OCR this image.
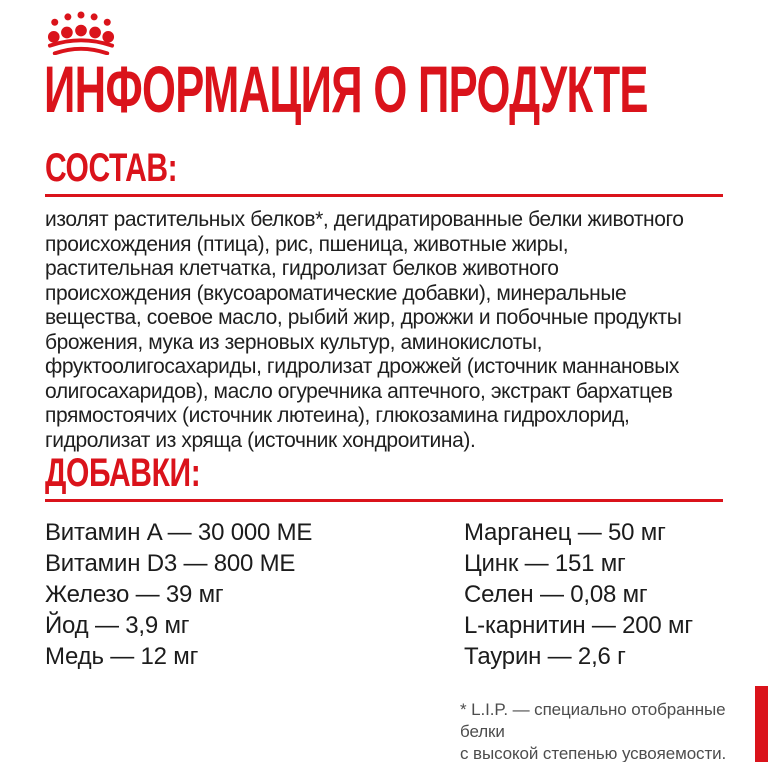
ИНФОРМАЦИЯ О ПРОДУКТЕ
СОСТАВ:
изолят растительных белков*, дегидратированные белки животного
происхождения (птица), рис, пшеница, животные жиры,
растительная клетчатка, гидролизат белков животного
происхождения (вкусоароматические добавки), минеральные
вещества, соевое масло, рыбий жир, дрожжи и побочные продукты
брожения, мука из зерновых культур, аминокислоты,
фруктоолигосахариды, гидролизат дрожжей (источник маннановых
олигосахаридов), масло огуречника аптечного, экстракт бархатцев
прямостоячих (источник лютеина), глюкозамина гидрохлорид,
гидролизат из хряща (источник хондроитина).
ДОБАВКИ:
Витамин A — 30 000 МЕ
Витамин D3 — 800 МЕ
Железо — 39 мг
Йод — 3,9 мг
Медь — 12 мг
Марганец — 50 мг
Цинк — 151 мг
Селен — 0,08 мг
L-карнитин — 200 мг
Таурин — 2,6 г
* L.I.P. — специально отобранные белки
с высокой степенью усвояемости.
